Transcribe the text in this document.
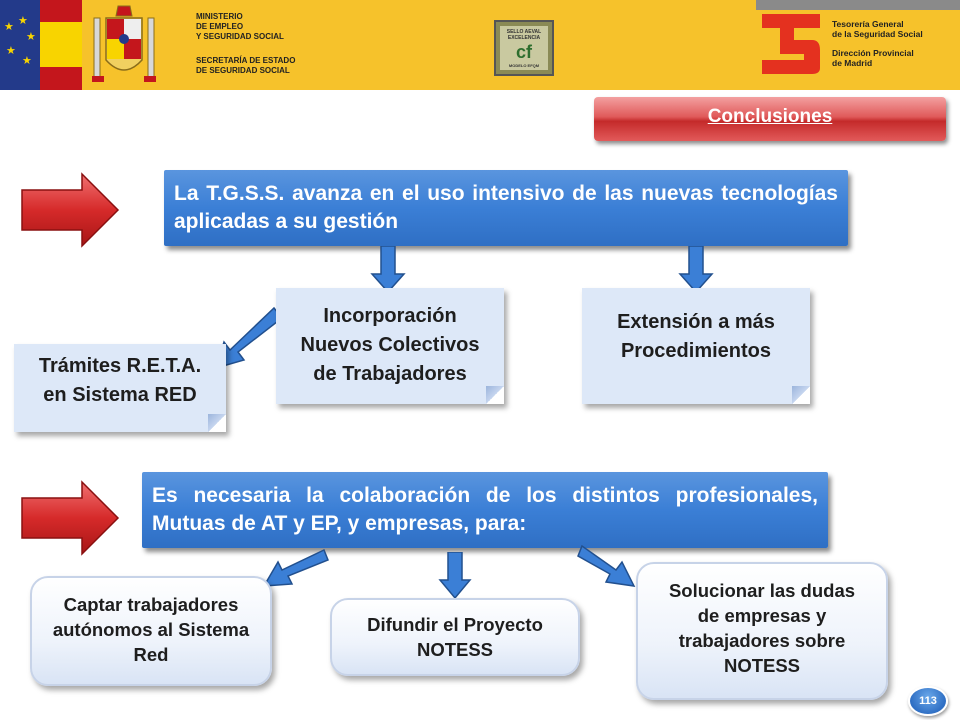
★ ★
★
★
★
MINISTERIO
DE EMPLEO
Y SEGURIDAD SOCIAL
SECRETARÍA DE ESTADO
DE SEGURIDAD SOCIAL
SELLO AEVAL
EXCELENCIA
cf
MODELO EFQM
Tesorería General
de la Seguridad Social
Dirección Provincial
de Madrid
Conclusiones
La T.G.S.S. avanza en el uso intensivo de las nuevas tecnologías aplicadas a su gestión
Incorporación
Nuevos Colectivos
de Trabajadores
Extensión a más
Procedimientos
Trámites R.E.T.A.
en Sistema RED
Es necesaria la colaboración de los distintos profesionales, Mutuas de AT y EP, y empresas, para:
Captar trabajadores
autónomos al Sistema
Red
Difundir el Proyecto
NOTESS
Solucionar las dudas
de empresas y
trabajadores sobre
NOTESS
113
